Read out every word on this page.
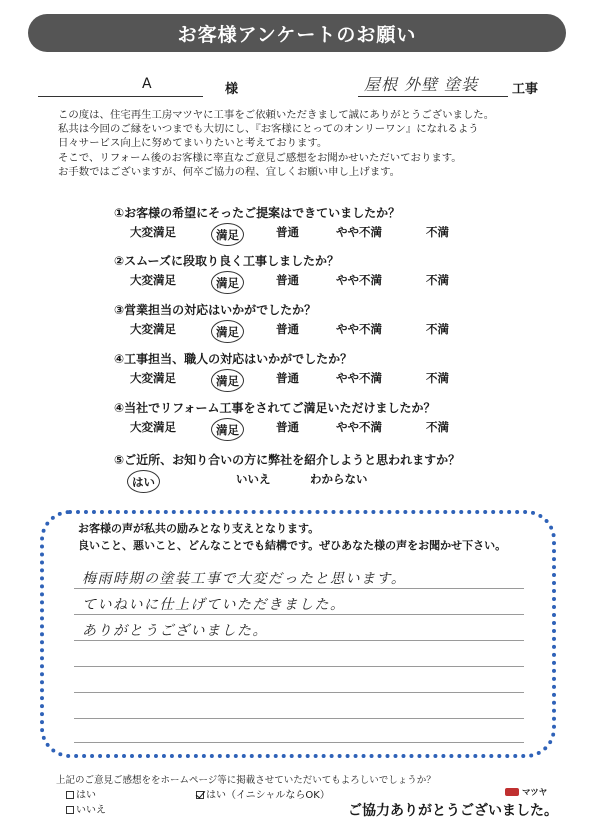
お客様アンケートのお願い
A	様	屋根 外壁 塗装	工事
この度は、住宅再生工房マツヤに工事をご依頼いただきまして誠にありがとうございました。
私共は今回のご縁をいつまでも大切にし、『お客様にとってのオンリーワン』になれるよう
日々サービス向上に努めてまいりたいと考えております。
そこで、リフォーム後のお客様に率直なご意見ご感想をお聞かせいただいております。
お手数ではございますが、何卒ご協力の程、宜しくお願い申し上げます。
①お客様の希望にそったご提案はできていましたか？
大変満足	$_{満足}$	普通	やや不満	不満
②スムーズに段取り良く工事しましたか？
大変満足	$_{満足}$	普通	やや不満	不満
③営業担当の対応はいかがでしたか？
大変満足	$_{満足}$	普通	やや不満	不満
④工事担当、職人の対応はいかがでしたか？
大変満足	$_{満足}$	普通	やや不満	不満
④当社でリフォーム工事をされてご満足いただけましたか？
大変満足	$_{満足}$	普通	やや不満	不満
⑤ご近所、お知り合いの方に弊社を紹介しようと思われますか？
$_{はい}$	いいえ	わからない
お客様の声が私共の励みとなり支えとなります。
良いこと、悪いこと、どんなことでも結構です。ぜひあなた様の声をお聞かせ下さい。
梅雨時期の塗装工事で大変だったと思います。
ていねいに仕上げていただきました。
ありがとうございました。
上記のご意見ご感想ををホームページ等に掲載させていただいてもよろしいでしょうか？
はい
いいえ
はい（イニシャルならOK）	マツヤ
ご協力ありがとうございました。
